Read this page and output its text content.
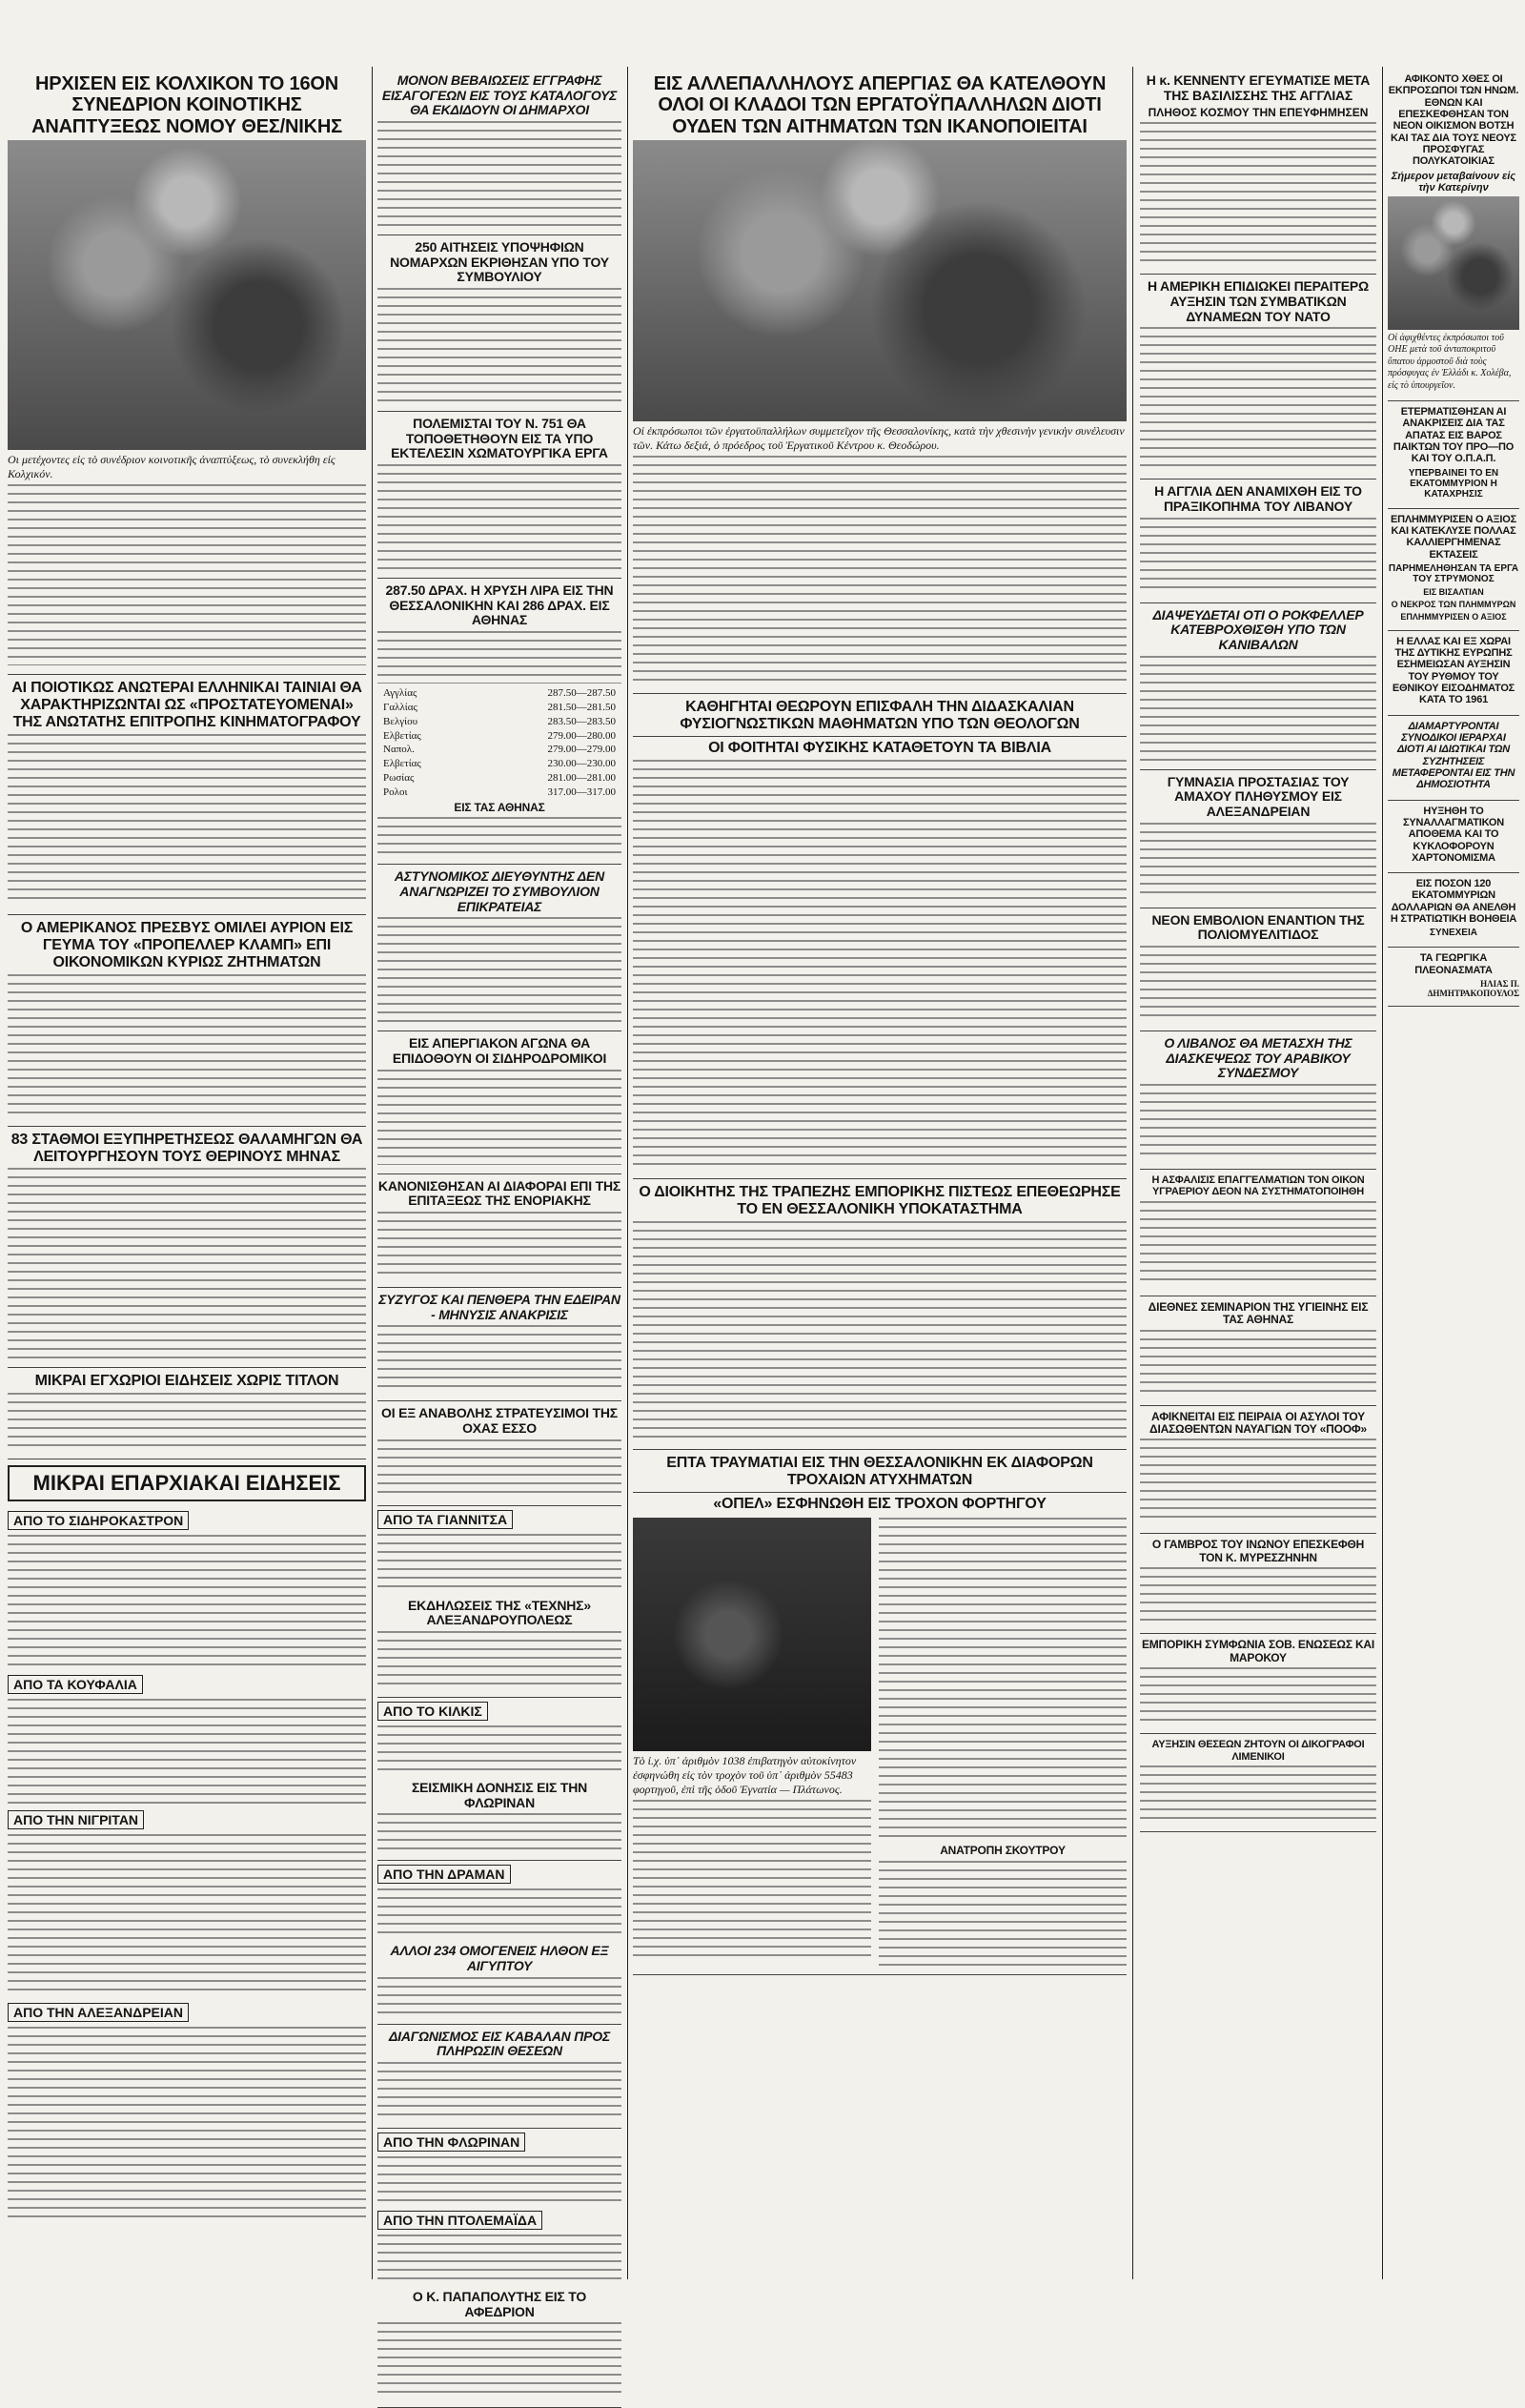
ΗΡΧΙΣΕΝ ΕΙΣ ΚΟΛΧΙΚΟΝ ΤΟ 16ΟΝ ΣΥΝΕΔΡΙΟΝ ΚΟΙΝΟΤΙΚΗΣ ΑΝΑΠΤΥΞΕΩΣ ΝΟΜΟΥ ΘΕΣ/ΝΙΚΗΣ
Οι μετέχοντες εἰς τὸ συνέδριον κοινοτικῆς ἀναπτύξεως, τὸ συνεκλήθη εἰς Κολχικόν.
ΑΙ ΠΟΙΟΤΙΚΩΣ ΑΝΩΤΕΡΑΙ ΕΛΛΗΝΙΚΑΙ ΤΑΙΝΙΑΙ ΘΑ ΧΑΡΑΚΤΗΡΙΖΩΝΤΑΙ ΩΣ «ΠΡΟΣΤΑΤΕΥΟΜΕΝΑΙ» ΤΗΣ ΑΝΩΤΑΤΗΣ ΕΠΙΤΡΟΠΗΣ ΚΙΝΗΜΑΤΟΓΡΑΦΟΥ
Ο ΑΜΕΡΙΚΑΝΟΣ ΠΡΕΣΒΥΣ ΟΜΙΛΕΙ ΑΥΡΙΟΝ ΕΙΣ ΓΕΥΜΑ ΤΟΥ «ΠΡΟΠΕΛΛΕΡ ΚΛΑΜΠ» ΕΠΙ ΟΙΚΟΝΟΜΙΚΩΝ ΚΥΡΙΩΣ ΖΗΤΗΜΑΤΩΝ
83 ΣΤΑΘΜΟΙ ΕΞΥΠΗΡΕΤΗΣΕΩΣ ΘΑΛΑΜΗΓΩΝ ΘΑ ΛΕΙΤΟΥΡΓΗΣΟΥΝ ΤΟΥΣ ΘΕΡΙΝΟΥΣ ΜΗΝΑΣ
ΜΙΚΡΑΙ ΕΓΧΩΡΙΟΙ ΕΙΔΗΣΕΙΣ ΧΩΡΙΣ ΤΙΤΛΟΝ
ΜΙΚΡΑΙ ΕΠΑΡΧΙΑΚΑΙ ΕΙΔΗΣΕΙΣ
ΑΠΟ ΤΟ ΣΙΔΗΡΟΚΑΣΤΡΟΝ
ΑΠΟ ΤΑ ΚΟΥΦΑΛΙΑ
ΑΠΟ ΤΗΝ ΝΙΓΡΙΤΑΝ
ΑΠΟ ΤΗΝ ΑΛΕΞΑΝΔΡΕΙΑΝ
ΜΟΝΟΝ ΒΕΒΑΙΩΣΕΙΣ ΕΓΓΡΑΦΗΣ ΕΙΣΑΓΟΓΕΩΝ ΕΙΣ ΤΟΥΣ ΚΑΤΑΛΟΓΟΥΣ ΘΑ ΕΚΔΙΔΟΥΝ ΟΙ ΔΗΜΑΡΧΟΙ
250 ΑΙΤΗΣΕΙΣ ΥΠΟΨΗΦΙΩΝ ΝΟΜΑΡΧΩΝ ΕΚΡΙΘΗΣΑΝ ΥΠΟ ΤΟΥ ΣΥΜΒΟΥΛΙΟΥ
ΠΟΛΕΜΙΣΤΑΙ ΤΟΥ Ν. 751 ΘΑ ΤΟΠΟΘΕΤΗΘΟΥΝ ΕΙΣ ΤΑ ΥΠΟ ΕΚΤΕΛΕΣΙΝ ΧΩΜΑΤΟΥΡΓΙΚΑ ΕΡΓΑ
287.50 ΔΡΑΧ. Η ΧΡΥΣΗ ΛΙΡΑ ΕΙΣ ΤΗΝ ΘΕΣΣΑΛΟΝΙΚΗΝ ΚΑΙ 286 ΔΡΑΧ. ΕΙΣ ΑΘΗΝΑΣ
Αγγλίας	287.50—287.50
Γαλλίας	281.50—281.50
Βελγίου	283.50—283.50
Ελβετίας	279.00—280.00
Ναπολ.	279.00—279.00
Ελβετίας	230.00—230.00
Ρωσίας	281.00—281.00
Ρολοι	317.00—317.00
ΕΙΣ ΤΑΣ ΑΘΗΝΑΣ
ΑΣΤΥΝΟΜΙΚΟΣ ΔΙΕΥΘΥΝΤΗΣ ΔΕΝ ΑΝΑΓΝΩΡΙΖΕΙ ΤΟ ΣΥΜΒΟΥΛΙΟΝ ΕΠΙΚΡΑΤΕΙΑΣ
ΕΙΣ ΑΠΕΡΓΙΑΚΟΝ ΑΓΩΝΑ ΘΑ ΕΠΙΔΟΘΟΥΝ ΟΙ ΣΙΔΗΡΟΔΡΟΜΙΚΟΙ
ΚΑΝΟΝΙΣΘΗΣΑΝ ΑΙ ΔΙΑΦΟΡΑΙ ΕΠΙ ΤΗΣ ΕΠΙΤΑΞΕΩΣ ΤΗΣ ΕΝΟΡΙΑΚΗΣ
ΣΥΖΥΓΟΣ ΚΑΙ ΠΕΝΘΕΡΑ ΤΗΝ ΕΔΕΙΡΑΝ - ΜΗΝΥΣΙΣ ΑΝΑΚΡΙΣΙΣ
ΟΙ ΕΞ ΑΝΑΒΟΛΗΣ ΣΤΡΑΤΕΥΣΙΜΟΙ ΤΗΣ ΟΧΑΣ ΕΣΣΟ
ΑΠΟ ΤΑ ΓΙΑΝΝΙΤΣΑ
ΕΚΔΗΛΩΣΕΙΣ ΤΗΣ «ΤΕΧΝΗΣ» ΑΛΕΞΑΝΔΡΟΥΠΟΛΕΩΣ
ΑΠΟ ΤΟ ΚΙΛΚΙΣ
ΣΕΙΣΜΙΚΗ ΔΟΝΗΣΙΣ ΕΙΣ ΤΗΝ ΦΛΩΡΙΝΑΝ
ΑΠΟ ΤΗΝ ΔΡΑΜΑΝ
ΑΛΛΟΙ 234 ΟΜΟΓΕΝΕΙΣ ΗΛΘΟΝ ΕΞ ΑΙΓΥΠΤΟΥ
ΔΙΑΓΩΝΙΣΜΟΣ ΕΙΣ ΚΑΒΑΛΑΝ ΠΡΟΣ ΠΛΗΡΩΣΙΝ ΘΕΣΕΩΝ
ΑΠΟ ΤΗΝ ΦΛΩΡΙΝΑΝ
ΑΠΟ ΤΗΝ ΠΤΟΛΕΜΑΪΔΑ
Ο Κ. ΠΑΠΑΠΟΛΥΤΗΣ ΕΙΣ ΤΟ ΑΦΕΔΡΙΟΝ
ΕΙΣ ΑΛΛΕΠΑΛΛΗΛΟΥΣ ΑΠΕΡΓΙΑΣ ΘΑ ΚΑΤΕΛΘΟΥΝ ΟΛΟΙ ΟΙ ΚΛΑΔΟΙ ΤΩΝ ΕΡΓΑΤΟΫΠΑΛΛΗΛΩΝ ΔΙΟΤΙ ΟΥΔΕΝ ΤΩΝ ΑΙΤΗΜΑΤΩΝ ΤΩΝ ΙΚΑΝΟΠΟΙΕΙΤΑΙ
Οἱ ἐκπρόσωποι τῶν ἐργατοϋπαλλήλων συμμετεῖχον τῆς Θεσσαλονίκης, κατὰ τὴν χθεσινὴν γενικὴν συνέλευσιν τῶν. Κάτω δεξιά, ὁ πρόεδρος τοῦ Ἐργατικοῦ Κέντρου κ. Θεοδώρου.
ΚΑΘΗΓΗΤΑΙ ΘΕΩΡΟΥΝ ΕΠΙΣΦΑΛΗ ΤΗΝ ΔΙΔΑΣΚΑΛΙΑΝ ΦΥΣΙΟΓΝΩΣΤΙΚΩΝ ΜΑΘΗΜΑΤΩΝ ΥΠΟ ΤΩΝ ΘΕΟΛΟΓΩΝ
ΟΙ ΦΟΙΤΗΤΑΙ ΦΥΣΙΚΗΣ ΚΑΤΑΘΕΤΟΥΝ ΤΑ ΒΙΒΛΙΑ
Ο ΔΙΟΙΚΗΤΗΣ ΤΗΣ ΤΡΑΠΕΖΗΣ ΕΜΠΟΡΙΚΗΣ ΠΙΣΤΕΩΣ ΕΠΕΘΕΩΡΗΣΕ ΤΟ ΕΝ ΘΕΣΣΑΛΟΝΙΚΗ ΥΠΟΚΑΤΑΣΤΗΜΑ
ΕΠΤΑ ΤΡΑΥΜΑΤΙΑΙ ΕΙΣ ΤΗΝ ΘΕΣΣΑΛΟΝΙΚΗΝ ΕΚ ΔΙΑΦΟΡΩΝ ΤΡΟΧΑΙΩΝ ΑΤΥΧΗΜΑΤΩΝ
«ΟΠΕΛ» ΕΣΦΗΝΩΘΗ ΕΙΣ ΤΡΟΧΟΝ ΦΟΡΤΗΓΟΥ
Τὸ ἰ.χ. ὑπ᾽ ἀριθμὸν 1038 ἐπιβατηγὸν αὐτοκίνητον ἐσφηνώθη εἰς τὸν τροχὸν τοῦ ὑπ᾽ ἀριθμὸν 55483 φορτηγοῦ, ἐπὶ τῆς ὁδοῦ Ἐγνατία — Πλάτωνος.
ΑΝΑΤΡΟΠΗ ΣΚΟΥΤΡΟΥ
Η κ. ΚΕΝΝΕΝΤΥ ΕΓΕΥΜΑΤΙΣΕ ΜΕΤΑ ΤΗΣ ΒΑΣΙΛΙΣΣΗΣ ΤΗΣ ΑΓΓΛΙΑΣ
ΠΛΗΘΟΣ ΚΟΣΜΟΥ ΤΗΝ ΕΠΕΥΦΗΜΗΣΕΝ
Η ΑΜΕΡΙΚΗ ΕΠΙΔΙΩΚΕΙ ΠΕΡΑΙΤΕΡΩ ΑΥΞΗΣΙΝ ΤΩΝ ΣΥΜΒΑΤΙΚΩΝ ΔΥΝΑΜΕΩΝ ΤΟΥ ΝΑΤΟ
Η ΑΓΓΛΙΑ ΔΕΝ ΑΝΑΜΙΧΘΗ ΕΙΣ ΤΟ ΠΡΑΞΙΚΟΠΗΜΑ ΤΟΥ ΛΙΒΑΝΟΥ
ΔΙΑΨΕΥΔΕΤΑΙ ΟΤΙ Ο ΡΟΚΦΕΛΛΕΡ ΚΑΤΕΒΡΟΧΘΙΣΘΗ ΥΠΟ ΤΩΝ ΚΑΝΙΒΑΛΩΝ
ΓΥΜΝΑΣΙΑ ΠΡΟΣΤΑΣΙΑΣ ΤΟΥ ΑΜΑΧΟΥ ΠΛΗΘΥΣΜΟΥ ΕΙΣ ΑΛΕΞΑΝΔΡΕΙΑΝ
ΝΕΟΝ ΕΜΒΟΛΙΟΝ ΕΝΑΝΤΙΟΝ ΤΗΣ ΠΟΛΙΟΜΥΕΛΙΤΙΔΟΣ
Ο ΛΙΒΑΝΟΣ ΘΑ ΜΕΤΑΣΧΗ ΤΗΣ ΔΙΑΣΚΕΨΕΩΣ ΤΟΥ ΑΡΑΒΙΚΟΥ ΣΥΝΔΕΣΜΟΥ
Η ΑΣΦΑΛΙΣΙΣ ΕΠΑΓΓΕΛΜΑΤΙΩΝ ΤΟΝ ΟΙΚΟΝ ΥΓΡΑΕΡΙΟΥ ΔΕΟΝ ΝΑ ΣΥΣΤΗΜΑΤΟΠΟΙΗΘΗ
ΔΙΕΘΝΕΣ ΣΕΜΙΝΑΡΙΟΝ ΤΗΣ ΥΓΙΕΙΝΗΣ ΕΙΣ ΤΑΣ ΑΘΗΝΑΣ
ΑΦΙΚΝΕΙΤΑΙ ΕΙΣ ΠΕΙΡΑΙΑ ΟΙ ΑΣΥΛΟΙ ΤΟΥ ΔΙΑΣΩΘΕΝΤΩΝ ΝΑΥΑΓΙΩΝ ΤΟΥ «ΠΟΟΦ»
Ο ΓΑΜΒΡΟΣ ΤΟΥ ΙΝΩΝΟΥ ΕΠΕΣΚΕΦΘΗ ΤΟΝ Κ. ΜΥΡΕΣΖΗΝΗΝ
ΕΜΠΟΡΙΚΗ ΣΥΜΦΩΝΙΑ ΣΟΒ. ΕΝΩΣΕΩΣ ΚΑΙ ΜΑΡΟΚΟΥ
ΑΥΞΗΣΙΝ ΘΕΣΕΩΝ ΖΗΤΟΥΝ ΟΙ ΔΙΚΟΓΡΑΦΟΙ ΛΙΜΕΝΙΚΟΙ
ΑΦΙΚΟΝΤΟ ΧΘΕΣ ΟΙ ΕΚΠΡΟΣΩΠΟΙ ΤΩΝ ΗΝΩΜ. ΕΘΝΩΝ ΚΑΙ ΕΠΕΣΚΕΦΘΗΣΑΝ ΤΟΝ ΝΕΟΝ ΟΙΚΙΣΜΟΝ ΒΟΤΣΗ ΚΑΙ ΤΑΣ ΔΙΑ ΤΟΥΣ ΝΕΟΥΣ ΠΡΟΣΦΥΓΑΣ ΠΟΛΥΚΑΤΟΙΚΙΑΣ
Σήμερον μεταβαίνουν εἰς τὴν Κατερίνην
Οἱ ἀφιχθέντες ἐκπρόσωποι τοῦ ΟΗΕ μετὰ τοῦ ἀνταποκριτοῦ ὕπατου ἁρμοστοῦ διὰ τοὺς πρόσφυγας ἐν Ἑλλάδι κ. Χολέβα, εἰς τὸ ὑπουργεῖον.
ΕΤΕΡΜΑΤΙΣΘΗΣΑΝ ΑΙ ΑΝΑΚΡΙΣΕΙΣ ΔΙΑ ΤΑΣ ΑΠΑΤΑΣ ΕΙΣ ΒΑΡΟΣ ΠΑΙΚΤΩΝ ΤΟΥ ΠΡΟ—ΠΟ ΚΑΙ ΤΟΥ Ο.Π.Α.Π.
ΥΠΕΡΒΑΙΝΕΙ ΤΟ ΕΝ ΕΚΑΤΟΜΜΥΡΙΟΝ Η ΚΑΤΑΧΡΗΣΙΣ
ΕΠΛΗΜΜΥΡΙΣΕΝ Ο ΑΞΙΟΣ ΚΑΙ ΚΑΤΕΚΛΥΣΕ ΠΟΛΛΑΣ ΚΑΛΛΙΕΡΓΗΜΕΝΑΣ ΕΚΤΑΣΕΙΣ
ΠΑΡΗΜΕΛΗΘΗΣΑΝ ΤΑ ΕΡΓΑ ΤΟΥ ΣΤΡΥΜΟΝΟΣ
ΕΙΣ ΒΙΣΑΛΤΙΑΝ
Ο ΝΕΚΡΟΣ ΤΩΝ ΠΛΗΜΜΥΡΩΝ
ΕΠΛΗΜΜΥΡΙΣΕΝ Ο ΑΞΙΟΣ
Η ΕΛΛΑΣ ΚΑΙ ΕΞ ΧΩΡΑΙ ΤΗΣ ΔΥΤΙΚΗΣ ΕΥΡΩΠΗΣ ΕΣΗΜΕΙΩΣΑΝ ΑΥΞΗΣΙΝ ΤΟΥ ΡΥΘΜΟΥ ΤΟΥ ΕΘΝΙΚΟΥ ΕΙΣΟΔΗΜΑΤΟΣ ΚΑΤΑ ΤΟ 1961
ΔΙΑΜΑΡΤΥΡΟΝΤΑΙ ΣΥΝΟΔΙΚΟΙ ΙΕΡΑΡΧΑΙ ΔΙΟΤΙ ΑΙ ΙΔΙΩΤΙΚΑΙ ΤΩΝ ΣΥΖΗΤΗΣΕΙΣ ΜΕΤΑΦΕΡΟΝΤΑΙ ΕΙΣ ΤΗΝ ΔΗΜΟΣΙΟΤΗΤΑ
ΗΥΞΗΘΗ ΤΟ ΣΥΝΑΛΛΑΓΜΑΤΙΚΟΝ ΑΠΟΘΕΜΑ ΚΑΙ ΤΟ ΚΥΚΛΟΦΟΡΟΥΝ ΧΑΡΤΟΝΟΜΙΣΜΑ
ΕΙΣ ΠΟΣΟΝ 120 ΕΚΑΤΟΜΜΥΡΙΩΝ ΔΟΛΛΑΡΙΩΝ ΘΑ ΑΝΕΛΘΗ Η ΣΤΡΑΤΙΩΤΙΚΗ ΒΟΗΘΕΙΑ
ΣΥΝΕΧΕΙΑ
ΤΑ ΓΕΩΡΓΙΚΑ ΠΛΕΟΝΑΣΜΑΤΑ
ΗΛΙΑΣ Π. ΔΗΜΗΤΡΑΚΟΠΟΥΛΟΣ
